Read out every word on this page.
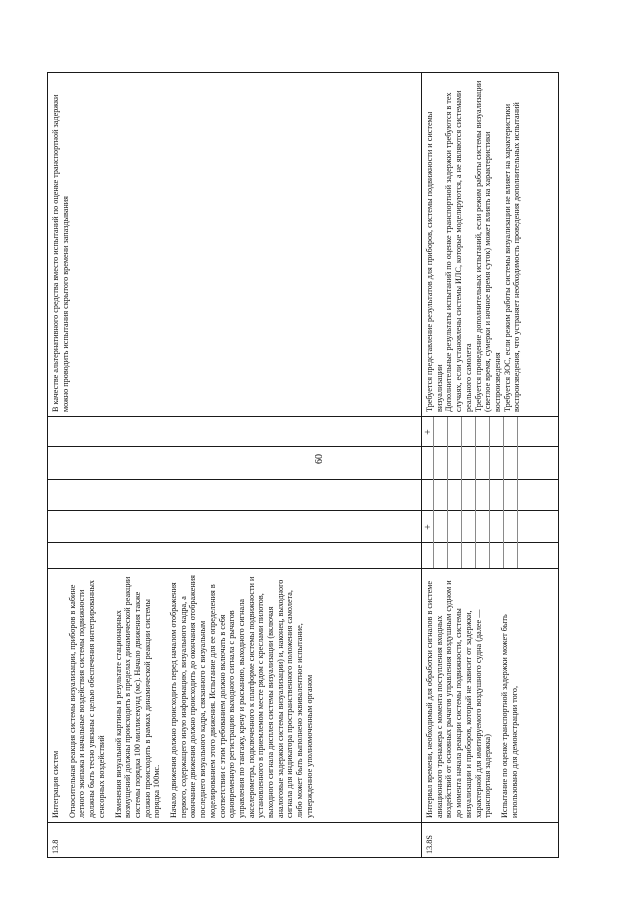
60
13.8

Интеграция систем Относительная реакция системы визуализации, приборов в кабине летного экипажа и начальные воздействия системы подвижности должны быть тесно увязаны с целью обеспечения интегрированных сенсорных воздействий Изменения визуальной картины в результате стационарных возмущений должны происходить в пределах динамической реакции системы порядка 100 миллисекунд (мс). Начало движения также должно происходить в рамках динамической реакции системы порядка 100мс. Начало движения должно происходить перед началом отображения первого, содержащего иную информацию, визуального кадра, а окончание движения должно происходить до окончания отображения последнего визуального кадра, связанного с визуальным моделированием этого движения. Испытание для ее определения в соответствии с этим требованием должно включать в себя одновременную регистрацию выходного сигнала с рычагов управления по тангажу, крену и рысканию, выходного сигнала акселерометра, подключенного к платформе системы подвижности и установленного в приемлемом месте рядом с креслами пилотов, выходного сигнала дисплея системы визуализации (включая аналоговые задержки системы визуализации) и, наконец, выходного сигнала для индикатора пространственного положения самолета, либо может быть выполнено эквивалентное испытание, утвержденное уполномоченным органом

В качестве альтернативного средства вместо испытаний по оценке транспортной задержки можно проводить испытания скрытого времени запаздывания

13.8S

Интервал времени, необходимый для обработки сигналов в системе авиационного тренажера с момента поступления входных воздействий от основных рычагов управления воздушным судном и до момента начала реакции системы подвижности, системы визуализации и приборов, который не зависит от задержки, характерной для имитируемого воздушного судна (далее — транспортная задержка) Испытание по оценке транспортной задержки может быть использовано для демонстрации того,

+
+

Требуется представление результатов для приборов, системы подвижности и системы визуализации Дополнительные результаты испытаний по оценке транспортной задержки требуются в тех случаях, если установлены системы ИЛС, которые моделируются, а не являются системами реального самолета Требуется проведение дополнительных испытаний, если режим работы системы визуализации (светлое время, сумерки и ночное время суток) может влиять на характеристики воспроизведения Требуется ЗОС, если режим работы системы визуализации не влияет на характеристики воспроизведения, что устраняет необходимость проведения дополнительных испытаний
